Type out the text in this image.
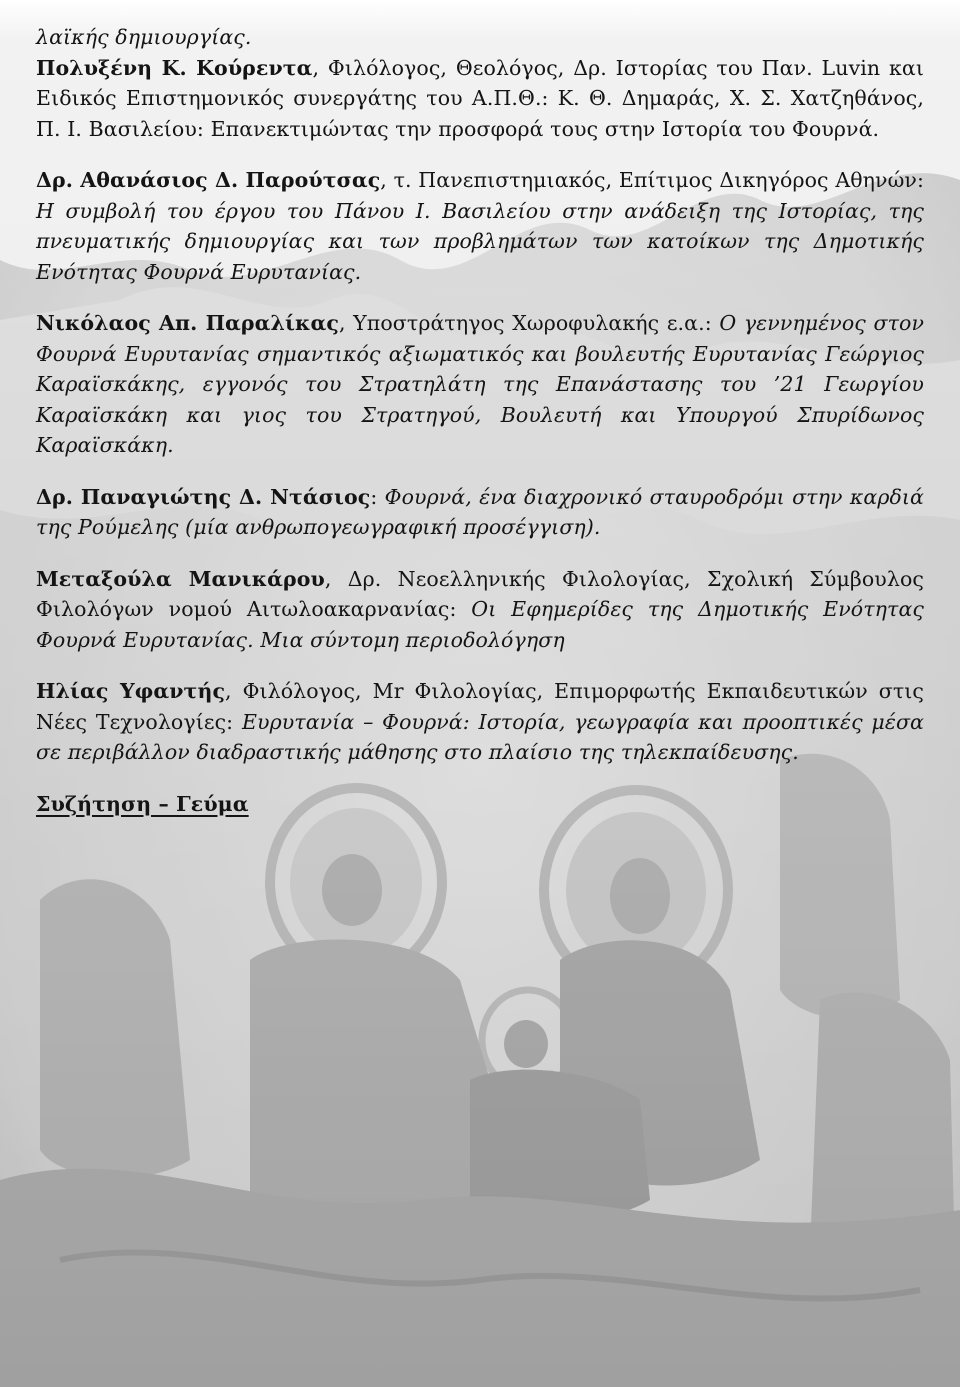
λαϊκής δημιουργίας.

Πολυξένη Κ. Κούρεντα, Φιλόλογος, Θεολόγος, Δρ. Ιστορίας του Παν. Luvin και Ειδικός Επιστημονικός συνεργάτης του Α.Π.Θ.: Κ. Θ. Δημαράς, Χ. Σ. Χατζηθάνος, Π. Ι. Βασιλείου: Επανεκτιμώντας την προσφορά τους στην Ιστορία του Φουρνά.

Δρ. Αθανάσιος Δ. Παρούτσας, τ. Πανεπιστημιακός, Επίτιμος Δικηγόρος Αθηνών: Η συμβολή του έργου του Πάνου Ι. Βασιλείου στην ανάδειξη της Ιστορίας, της πνευματικής δημιουργίας και των προβλημάτων των κατοίκων της Δημοτικής Ενότητας Φουρνά Ευρυτανίας.

Νικόλαος Απ. Παραλίκας, Υποστράτηγος Χωροφυλακής ε.α.: Ο γεννημένος στον Φουρνά Ευρυτανίας σημαντικός αξιωματικός και βουλευτής Ευρυτανίας Γεώργιος Καραϊσκάκης, εγγονός του Στρατηλάτη της Επανάστασης του ’21 Γεωργίου Καραϊσκάκη και γιος του Στρατηγού, Βουλευτή και Υπουργού Σπυρίδωνος Καραϊσκάκη.

Δρ. Παναγιώτης Δ. Ντάσιος: Φουρνά, ένα διαχρονικό σταυροδρόμι στην καρδιά της Ρούμελης (μία ανθρωπογεωγραφική προσέγγιση).

Μεταξούλα Μανικάρου, Δρ. Νεοελληνικής Φιλολογίας, Σχολική Σύμβουλος Φιλολόγων νομού Αιτωλοακαρνανίας: Οι Εφημερίδες της Δημοτικής Ενότητας Φουρνά Ευρυτανίας. Μια σύντομη περιοδολόγηση

Ηλίας Υφαντής, Φιλόλογος, Mr Φιλολογίας, Επιμορφωτής Εκπαιδευτικών στις Νέες Τεχνολογίες: Ευρυτανία – Φουρνά: Ιστορία, γεωγραφία και προοπτικές μέσα σε περιβάλλον διαδραστικής μάθησης στο πλαίσιο της τηλεκπαίδευσης.

Συζήτηση – Γεύμα
